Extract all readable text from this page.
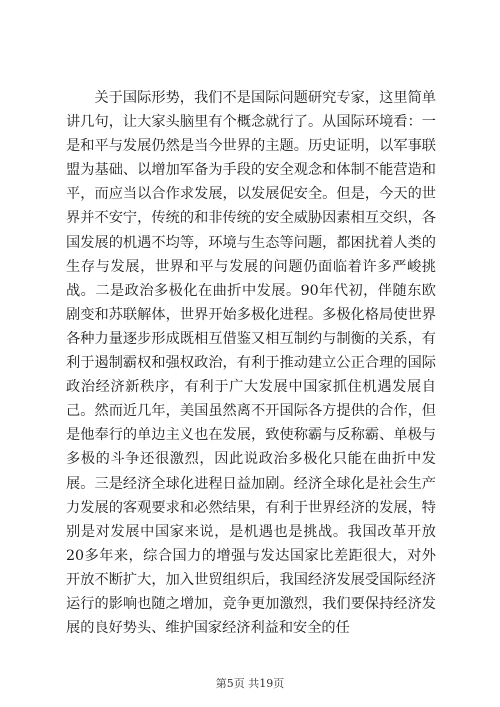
关于国际形势，我们不是国际问题研究专家，这里简单讲几句，让大家头脑里有个概念就行了。从国际环境看：一是和平与发展仍然是当今世界的主题。历史证明，以军事联盟为基础、以增加军备为手段的安全观念和体制不能营造和平，而应当以合作求发展，以发展促安全。但是，今天的世界并不安宁，传统的和非传统的安全威胁因素相互交织，各国发展的机遇不均等，环境与生态等问题，都困扰着人类的生存与发展，世界和平与发展的问题仍面临着许多严峻挑战。二是政治多极化在曲折中发展。90年代初，伴随东欧剧变和苏联解体，世界开始多极化进程。多极化格局使世界各种力量逐步形成既相互借鉴又相互制约与制衡的关系，有利于遏制霸权和强权政治，有利于推动建立公正合理的国际政治经济新秩序，有利于广大发展中国家抓住机遇发展自己。然而近几年，美国虽然离不开国际各方提供的合作，但是他奉行的单边主义也在发展，致使称霸与反称霸、单极与多极的斗争还很激烈，因此说政治多极化只能在曲折中发展。三是经济全球化进程日益加剧。经济全球化是社会生产力发展的客观要求和必然结果，有利于世界经济的发展，特别是对发展中国家来说，是机遇也是挑战。我国改革开放20多年来，综合国力的增强与发达国家比差距很大，对外开放不断扩大，加入世贸组织后，我国经济发展受国际经济运行的影响也随之增加，竞争更加激烈，我们要保持经济发展的良好势头、维护国家经济利益和安全的任

第5页 共19页
